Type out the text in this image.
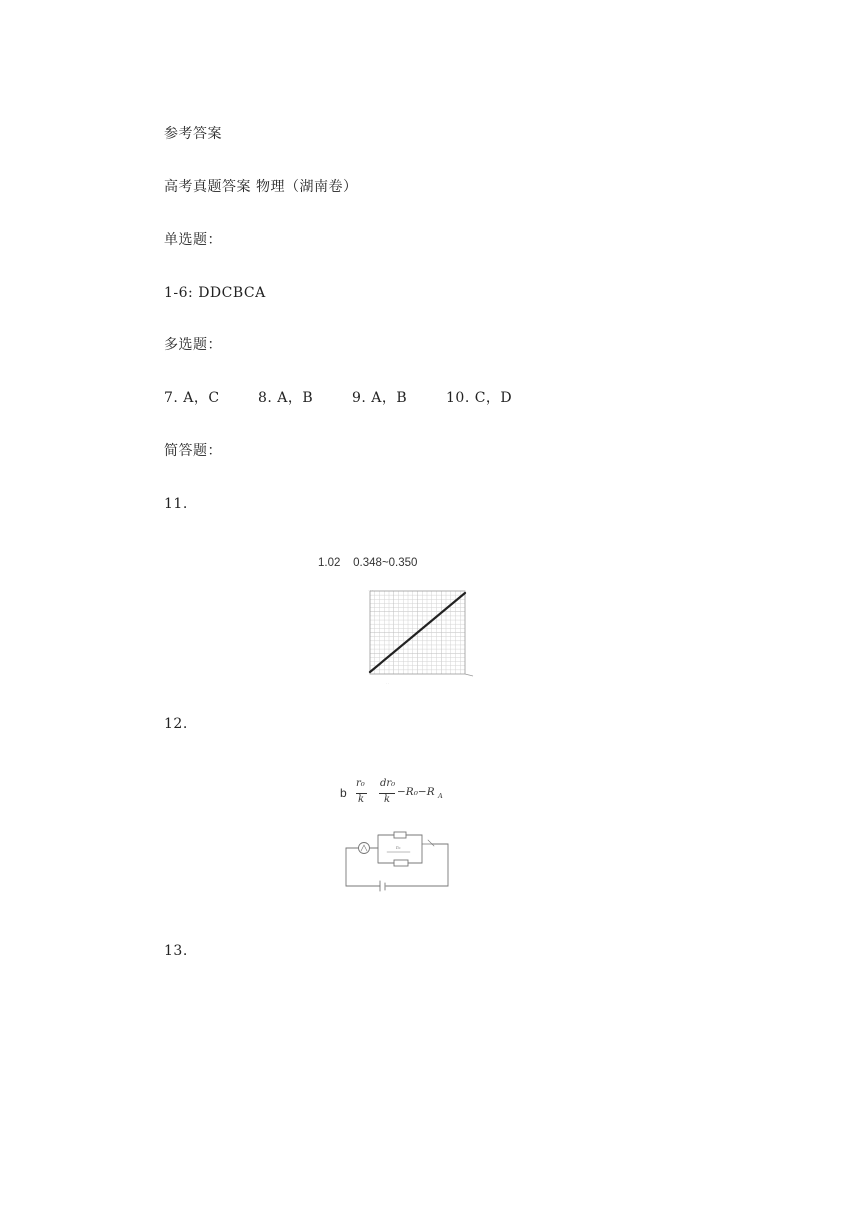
参考答案
高考真题答案 物理（湖南卷）
单选题：
1-6: DDCBCA
多选题：
7. A，C	8. A，B	9. A，B	10. C，D
简答题：
11.
1.02    0.348~0.350
· · ·
· ·
12.
b
r₀
k
dr₀
k
−R₀−R A
r₀
13.
